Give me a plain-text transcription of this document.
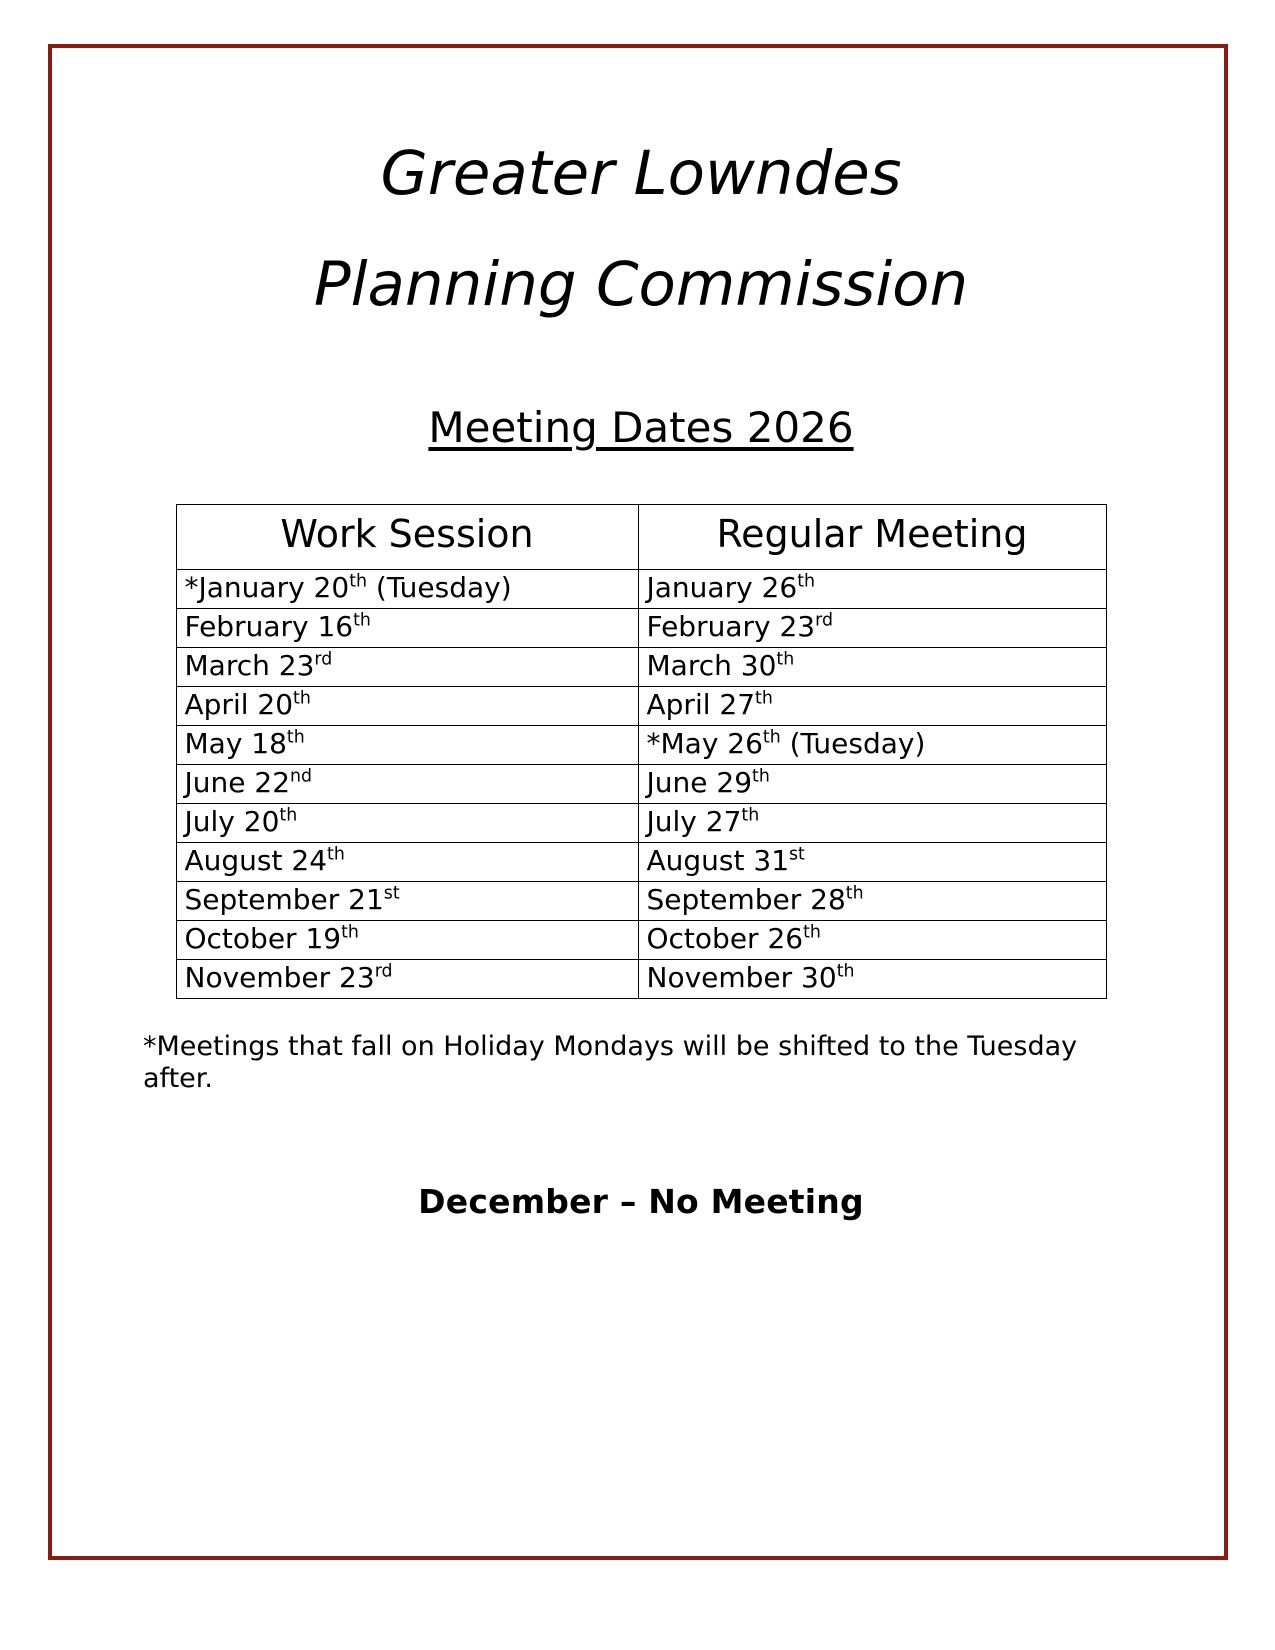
Greater Lowndes
Planning Commission
Meeting Dates 2026
Work Session	Regular Meeting
*January 20th (Tuesday)	January 26th
February 16th	February 23rd
March 23rd	March 30th
April 20th	April 27th
May 18th	*May 26th (Tuesday)
June 22nd	June 29th
July 20th	July 27th
August 24th	August 31st
September 21st	September 28th
October 19th	October 26th
November 23rd	November 30th
*Meetings that fall on Holiday Mondays will be shifted to the Tuesday after.
December – No Meeting
